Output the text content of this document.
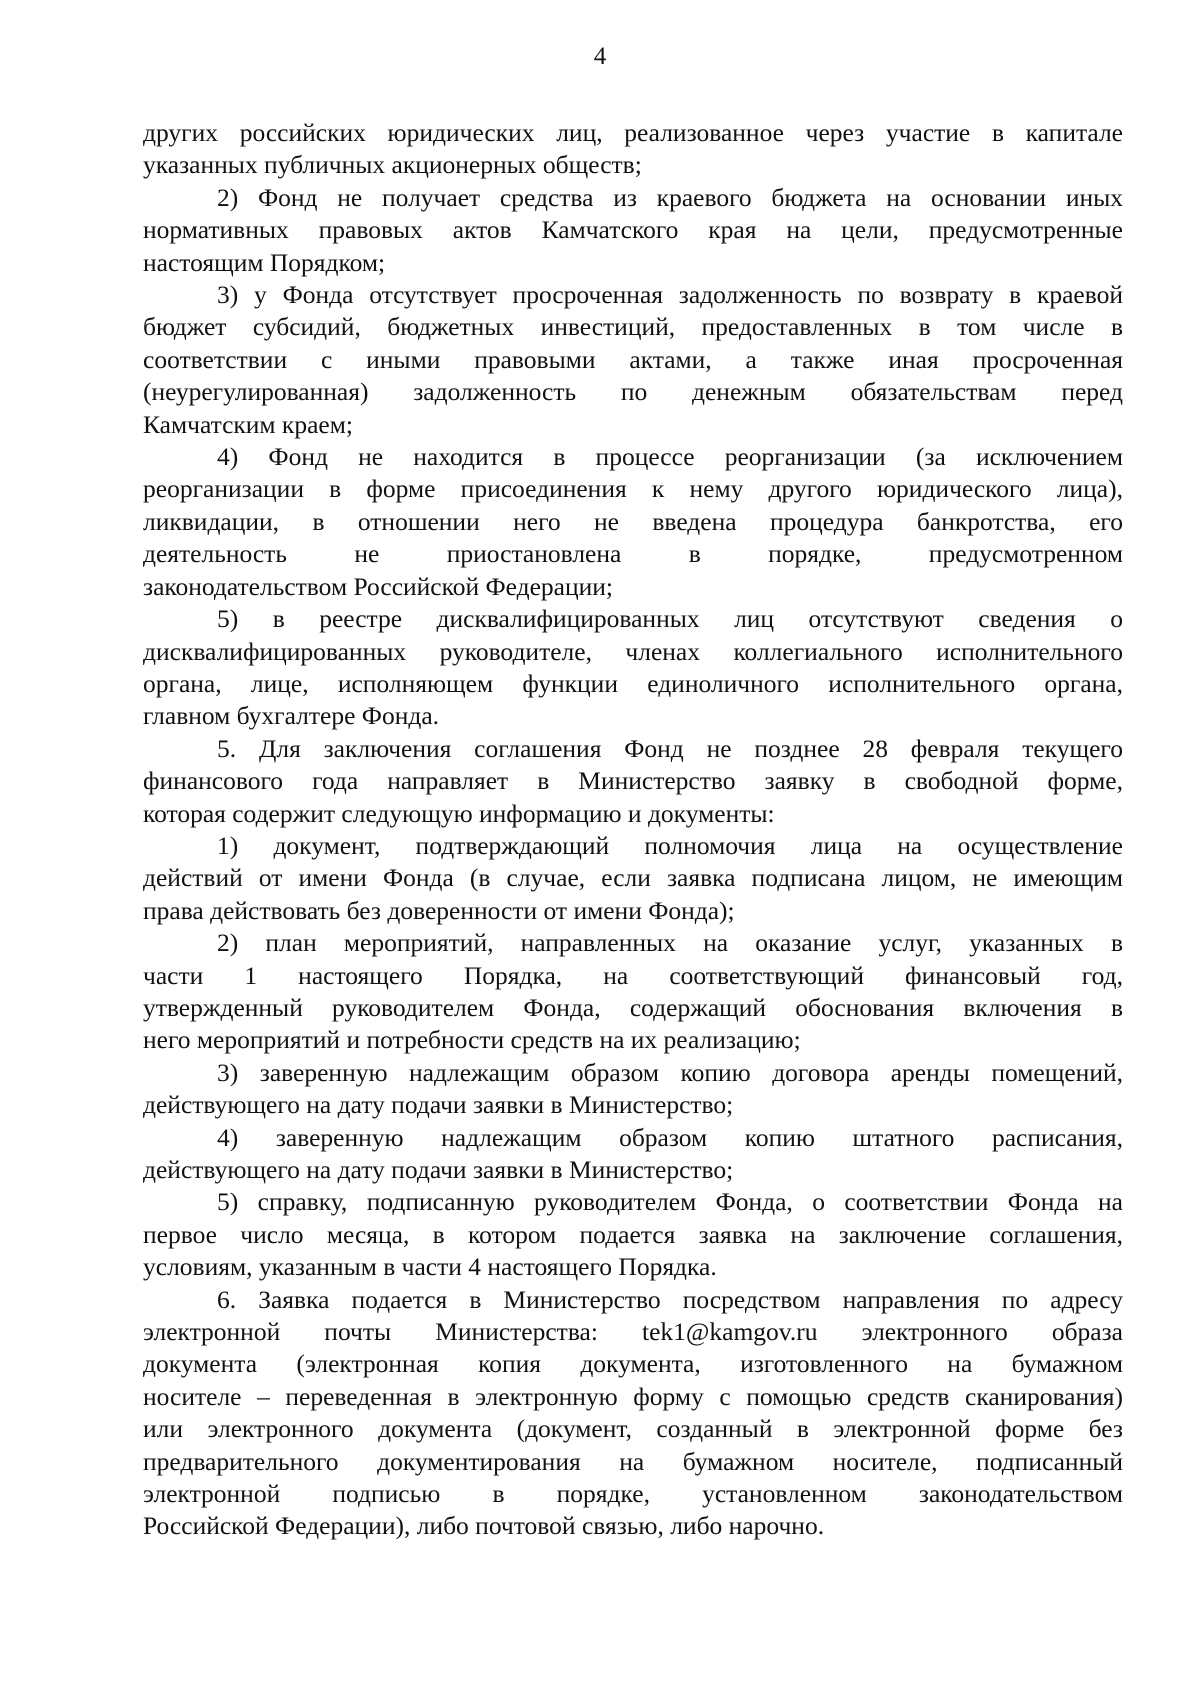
4

других российских юридических лиц, реализованное через участие в капитале

указанных публичных акционерных обществ;

2) Фонд не получает средства из краевого бюджета на основании иных

нормативных правовых актов Камчатского края на цели, предусмотренные

настоящим Порядком;

3) у Фонда отсутствует просроченная задолженность по возврату в краевой

бюджет субсидий, бюджетных инвестиций, предоставленных в том числе в

соответствии с иными правовыми актами, а также иная просроченная

(неурегулированная) задолженность по денежным обязательствам перед

Камчатским краем;

4) Фонд не находится в процессе реорганизации (за исключением

реорганизации в форме присоединения к нему другого юридического лица),

ликвидации, в отношении него не введена процедура банкротства, его

деятельность не приостановлена в порядке, предусмотренном

законодательством Российской Федерации;

5) в реестре дисквалифицированных лиц отсутствуют сведения о

дисквалифицированных руководителе, членах коллегиального исполнительного

органа, лице, исполняющем функции единоличного исполнительного органа,

главном бухгалтере Фонда.

5. Для заключения соглашения Фонд не позднее 28 февраля текущего

финансового года направляет в Министерство заявку в свободной форме,

которая содержит следующую информацию и документы:

1) документ, подтверждающий полномочия лица на осуществление

действий от имени Фонда (в случае, если заявка подписана лицом, не имеющим

права действовать без доверенности от имени Фонда);

2) план мероприятий, направленных на оказание услуг, указанных в

части 1 настоящего Порядка, на соответствующий финансовый год,

утвержденный руководителем Фонда, содержащий обоснования включения в

него мероприятий и потребности средств на их реализацию;

3) заверенную надлежащим образом копию договора аренды помещений,

действующего на дату подачи заявки в Министерство;

4) заверенную надлежащим образом копию штатного расписания,

действующего на дату подачи заявки в Министерство;

5) справку, подписанную руководителем Фонда, о соответствии Фонда на

первое число месяца, в котором подается заявка на заключение соглашения,

условиям, указанным в части 4 настоящего Порядка.

6. Заявка подается в Министерство посредством направления по адресу

электронной почты Министерства: tek1@kamgov.ru электронного образа

документа (электронная копия документа, изготовленного на бумажном

носителе – переведенная в электронную форму с помощью средств сканирования)

или электронного документа (документ, созданный в электронной форме без

предварительного документирования на бумажном носителе, подписанный

электронной подписью в порядке, установленном законодательством

Российской Федерации), либо почтовой связью, либо нарочно.
